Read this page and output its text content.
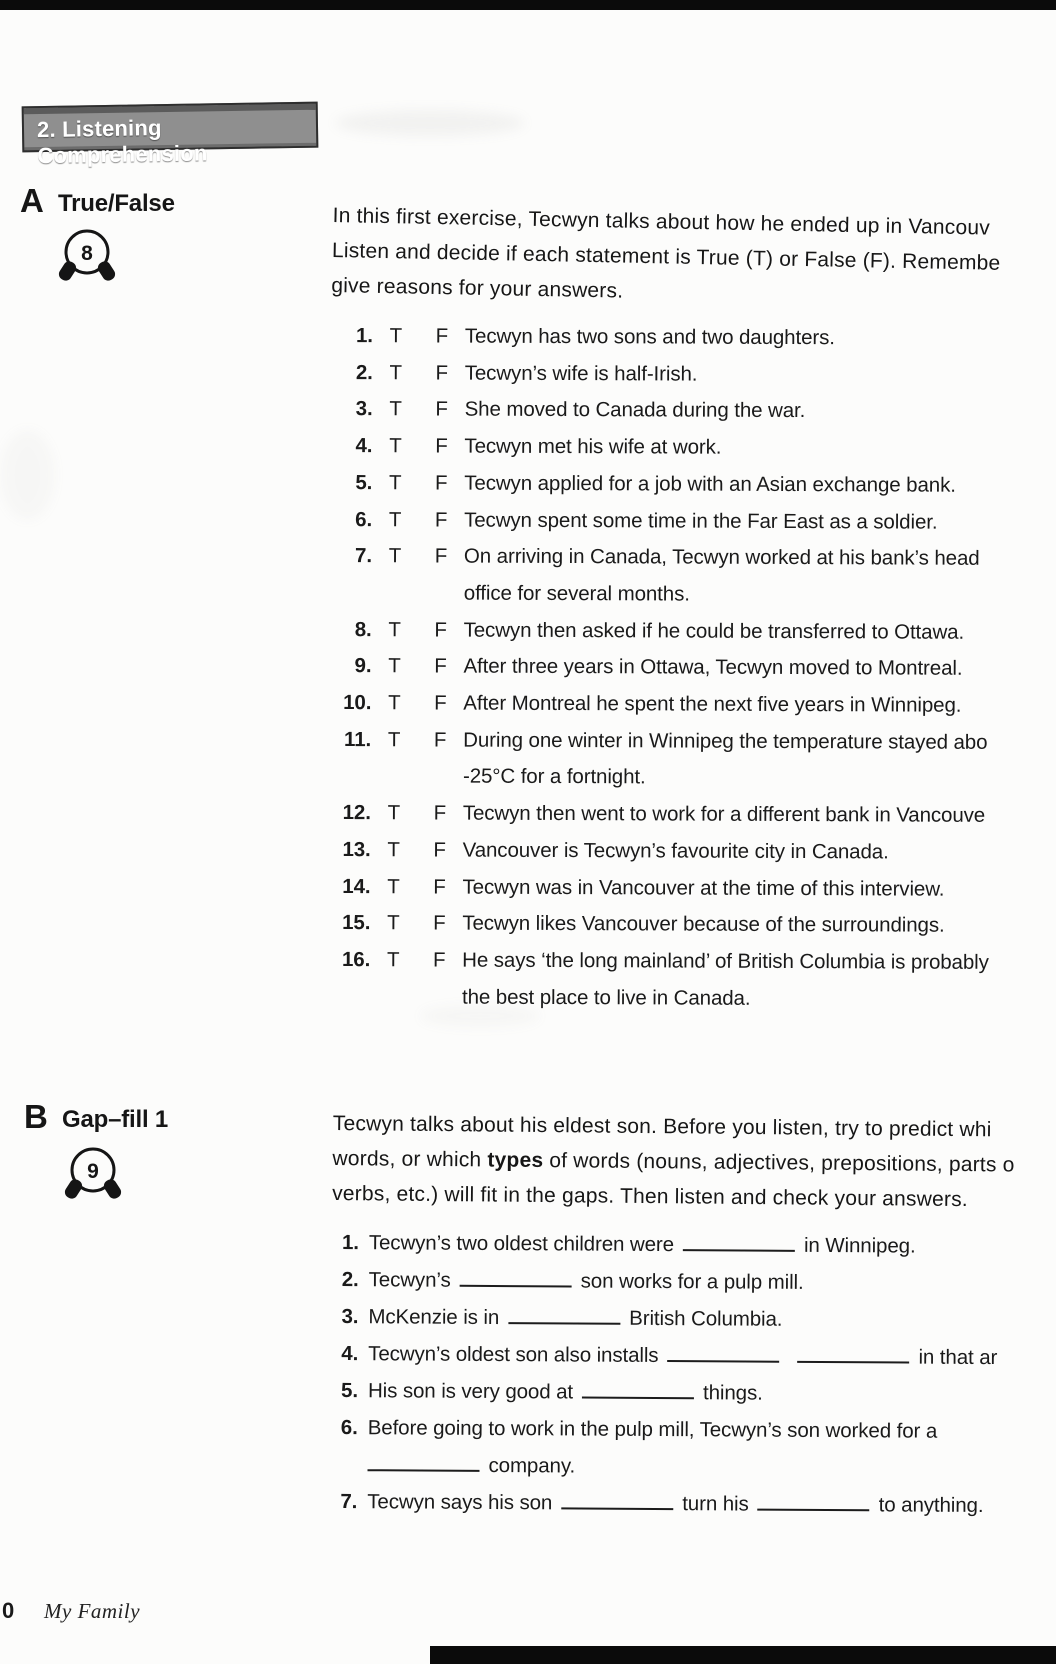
2. Listening Comprehension
A True/False
8
In this first exercise, Tecwyn talks about how he ended up in Vancouv
Listen and decide if each statement is True (T) or False (F). Remembe
give reasons for your answers.
1. T	F Tecwyn has two sons and two daughters.
2. T	F Tecwyn’s wife is half-Irish.
3. T	F She moved to Canada during the war.
4. T	F Tecwyn met his wife at work.
5. T	F Tecwyn applied for a job with an Asian exchange bank.
6. T	F Tecwyn spent some time in the Far East as a soldier.
7. T	F On arriving in Canada, Tecwyn worked at his bank’s head
office for several months.
8. T	F Tecwyn then asked if he could be transferred to Ottawa.
9. T	F After three years in Ottawa, Tecwyn moved to Montreal.
10. T	F After Montreal he spent the next five years in Winnipeg.
11. T	F During one winter in Winnipeg the temperature stayed abo
-25°C for a fortnight.
12. T	F Tecwyn then went to work for a different bank in Vancouve
13. T	F Vancouver is Tecwyn’s favourite city in Canada.
14. T	F Tecwyn was in Vancouver at the time of this interview.
15. T	F Tecwyn likes Vancouver because of the surroundings.
16. T	F He says ‘the long mainland’ of British Columbia is probably
the best place to live in Canada.
B Gap–fill 1
9
Tecwyn talks about his eldest son. Before you listen, try to predict whi
words, or which types of words (nouns, adjectives, prepositions, parts o
verbs, etc.) will fit in the gaps. Then listen and check your answers.
1. Tecwyn’s two oldest children were	in Winnipeg.
2. Tecwyn’s	son works for a pulp mill.
3. McKenzie is in	British Columbia.
4. Tecwyn’s oldest son also installs	in that ar
5. His son is very good at	things.
6. Before going to work in the pulp mill, Tecwyn’s son worked for a
company.
7. Tecwyn says his son	turn his	to anything.
0 My Family
